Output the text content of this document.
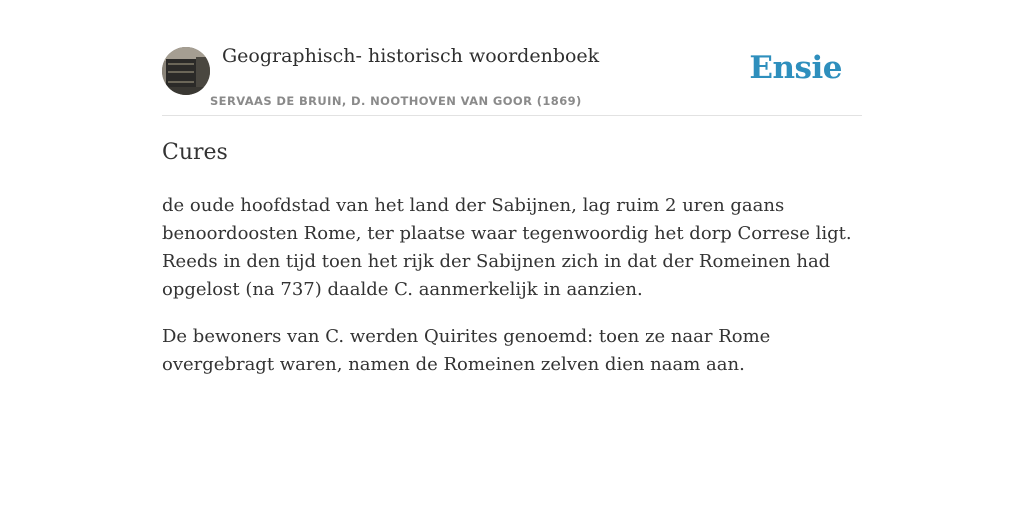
Geographisch- historisch woordenboek
SERVAAS DE BRUIN, D. NOOTHOVEN VAN GOOR (1869)
Ensie
Cures

de oude hoofdstad van het land der Sabijnen, lag ruim 2 uren gaans benoordoosten Rome, ter plaatse waar tegenwoordig het dorp Correse ligt. Reeds in den tijd toen het rijk der Sabijnen zich in dat der Romeinen had opgelost (na 737) daalde C. aanmerkelijk in aanzien.

De bewoners van C. werden Quirites genoemd: toen ze naar Rome overgebragt waren, namen de Romeinen zelven dien naam aan.
